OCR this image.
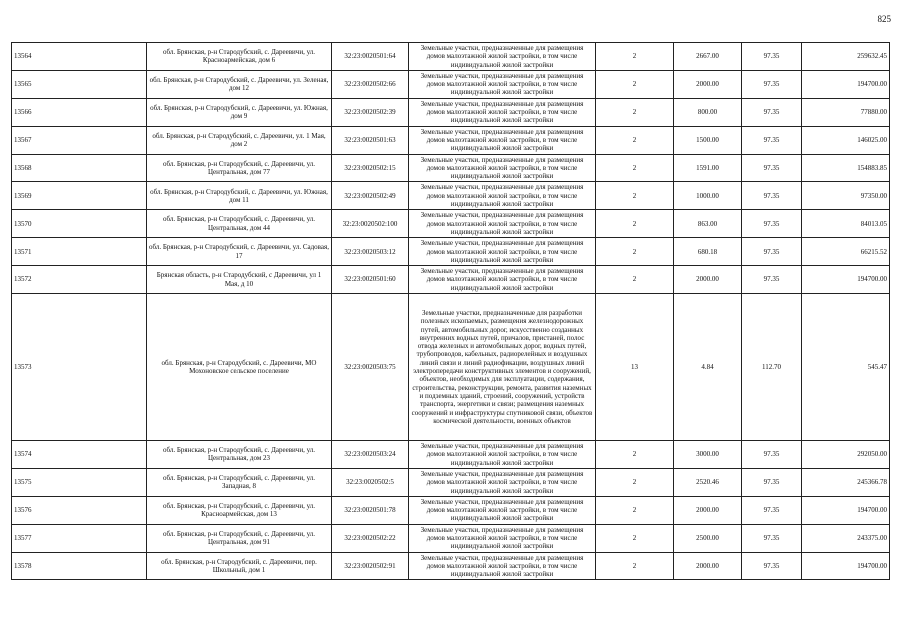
825
13564	обл. Брянская, р-н Стародубский, с. Дареевичи, ул. Красноармейская, дом 6	32:23:0020501:64	Земельные участки, предназначенные для размещения домов малоэтажной жилой застройки, в том числе индивидуальной жилой застройки	2	2667.00	97.35	259632.45
13565	обл. Брянская, р-н Стародубский, с. Дареевичи, ул. Зеленая, дом 12	32:23:0020502:66	Земельные участки, предназначенные для размещения домов малоэтажной жилой застройки, в том числе индивидуальной жилой застройки	2	2000.00	97.35	194700.00
13566	обл. Брянская, р-н Стародубский, с. Дареевичи, ул. Южная, дом 9	32:23:0020502:39	Земельные участки, предназначенные для размещения домов малоэтажной жилой застройки, в том числе индивидуальной жилой застройки	2	800.00	97.35	77880.00
13567	обл. Брянская, р-н Стародубский, с. Дареевичи, ул. 1 Мая, дом 2	32:23:0020501:63	Земельные участки, предназначенные для размещения домов малоэтажной жилой застройки, в том числе индивидуальной жилой застройки	2	1500.00	97.35	146025.00
13568	обл. Брянская, р-н Стародубский, с. Дареевичи, ул. Центральная, дом 77	32:23:0020502:15	Земельные участки, предназначенные для размещения домов малоэтажной жилой застройки, в том числе индивидуальной жилой застройки	2	1591.00	97.35	154883.85
13569	обл. Брянская, р-н Стародубский, с. Дареевичи, ул. Южная, дом 11	32:23:0020502:49	Земельные участки, предназначенные для размещения домов малоэтажной жилой застройки, в том числе индивидуальной жилой застройки	2	1000.00	97.35	97350.00
13570	обл. Брянская, р-н Стародубский, с. Дареевичи, ул. Центральная, дом 44	32:23:0020502:100	Земельные участки, предназначенные для размещения домов малоэтажной жилой застройки, в том числе индивидуальной жилой застройки	2	863.00	97.35	84013.05
13571	обл. Брянская, р-н Стародубский, с. Дареевичи, ул. Садовая, 17	32:23:0020503:12	Земельные участки, предназначенные для размещения домов малоэтажной жилой застройки, в том числе индивидуальной жилой застройки	2	680.18	97.35	66215.52
13572	Брянская область, р-н Стародубский, с Дареевичи, ул 1 Мая, д 10	32:23:0020501:60	Земельные участки, предназначенные для размещения домов малоэтажной жилой застройки, в том числе индивидуальной жилой застройки	2	2000.00	97.35	194700.00
13573	обл. Брянская, р-н Стародубский, с. Дареевичи, МО Мохоновское сельское поселение	32:23:0020503:75	Земельные участки, предназначенные для разработки полезных ископаемых, размещения железнодорожных путей, автомобильных дорог, искусственно созданных внутренних водных путей, причалов, пристаней, полос отвода железных и автомобильных дорог, водных путей, трубопроводов, кабельных, радиорелейных и воздушных линий связи и линий радиофикации, воздушных линий электропередачи конструктивных элементов и сооружений, объектов, необходимых для эксплуатации, содержания, строительства, реконструкции, ремонта, развития наземных и подземных зданий, строений, сооружений, устройств транспорта, энергетики и связи; размещения наземных сооружений и инфраструктуры спутниковой связи, объектов космической деятельности, военных объектов	13	4.84	112.70	545.47
13574	обл. Брянская, р-н Стародубский, с. Дареевичи, ул. Центральная, дом 23	32:23:0020503:24	Земельные участки, предназначенные для размещения домов малоэтажной жилой застройки, в том числе индивидуальной жилой застройки	2	3000.00	97.35	292050.00
13575	обл. Брянская, р-н Стародубский, с. Дареевичи, ул. Западная, 8	32:23:0020502:5	Земельные участки, предназначенные для размещения домов малоэтажной жилой застройки, в том числе индивидуальной жилой застройки	2	2520.46	97.35	245366.78
13576	обл. Брянская, р-н Стародубский, с. Дареевичи, ул. Красноармейская, дом 13	32:23:0020501:78	Земельные участки, предназначенные для размещения домов малоэтажной жилой застройки, в том числе индивидуальной жилой застройки	2	2000.00	97.35	194700.00
13577	обл. Брянская, р-н Стародубский, с. Дареевичи, ул. Центральная, дом 91	32:23:0020502:22	Земельные участки, предназначенные для размещения домов малоэтажной жилой застройки, в том числе индивидуальной жилой застройки	2	2500.00	97.35	243375.00
13578	обл. Брянская, р-н Стародубский, с. Дареевичи, пер. Школьный, дом 1	32:23:0020502:91	Земельные участки, предназначенные для размещения домов малоэтажной жилой застройки, в том числе индивидуальной жилой застройки	2	2000.00	97.35	194700.00
